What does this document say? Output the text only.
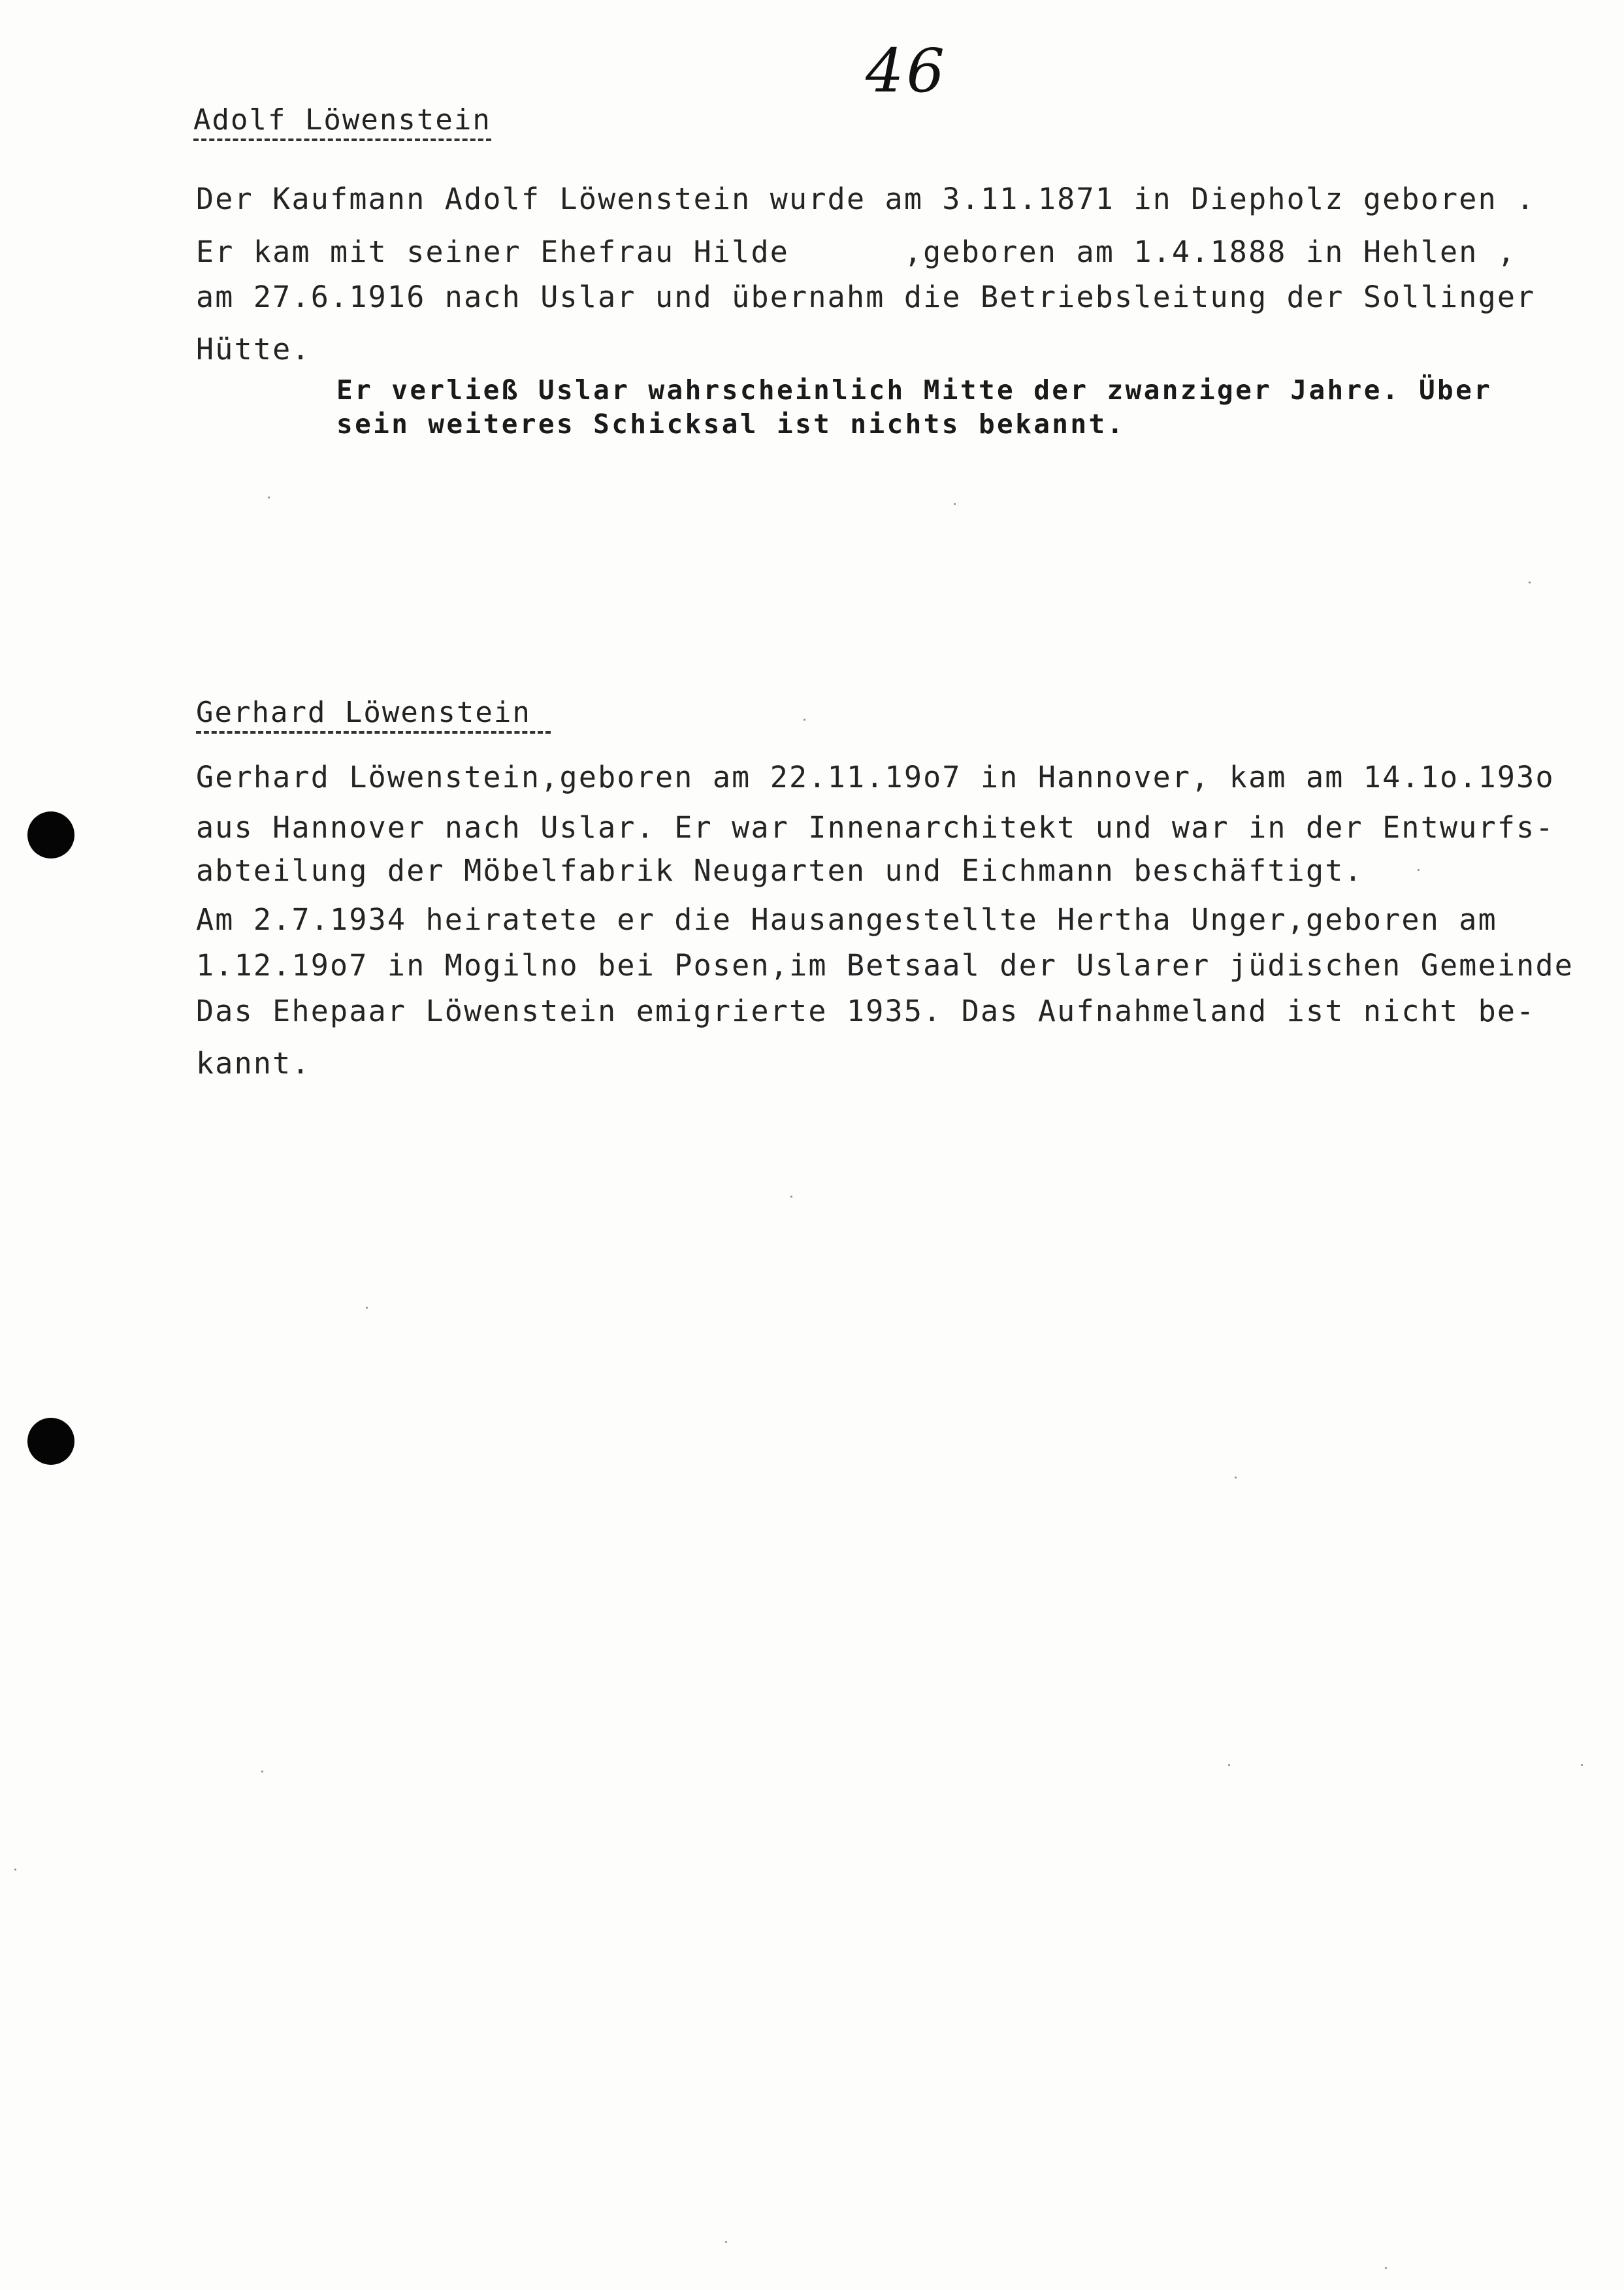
46
Adolf Löwenstein
Der Kaufmann Adolf Löwenstein wurde am 3.11.1871 in Diepholz geboren .
Er kam mit seiner Ehefrau Hilde      ,geboren am 1.4.1888 in Hehlen ,
am 27.6.1916 nach Uslar und übernahm die Betriebsleitung der Sollinger
Hütte.
Er verließ Uslar wahrscheinlich Mitte der zwanziger Jahre. Über
sein weiteres Schicksal ist nichts bekannt.
Gerhard Löwenstein
Gerhard Löwenstein,geboren am 22.11.19o7 in Hannover, kam am 14.1o.193o
aus Hannover nach Uslar. Er war Innenarchitekt und war in der Entwurfs-
abteilung der Möbelfabrik Neugarten und Eichmann beschäftigt.
Am 2.7.1934 heiratete er die Hausangestellte Hertha Unger,geboren am
1.12.19o7 in Mogilno bei Posen,im Betsaal der Uslarer jüdischen Gemeinde
Das Ehepaar Löwenstein emigrierte 1935. Das Aufnahmeland ist nicht be-
kannt.
